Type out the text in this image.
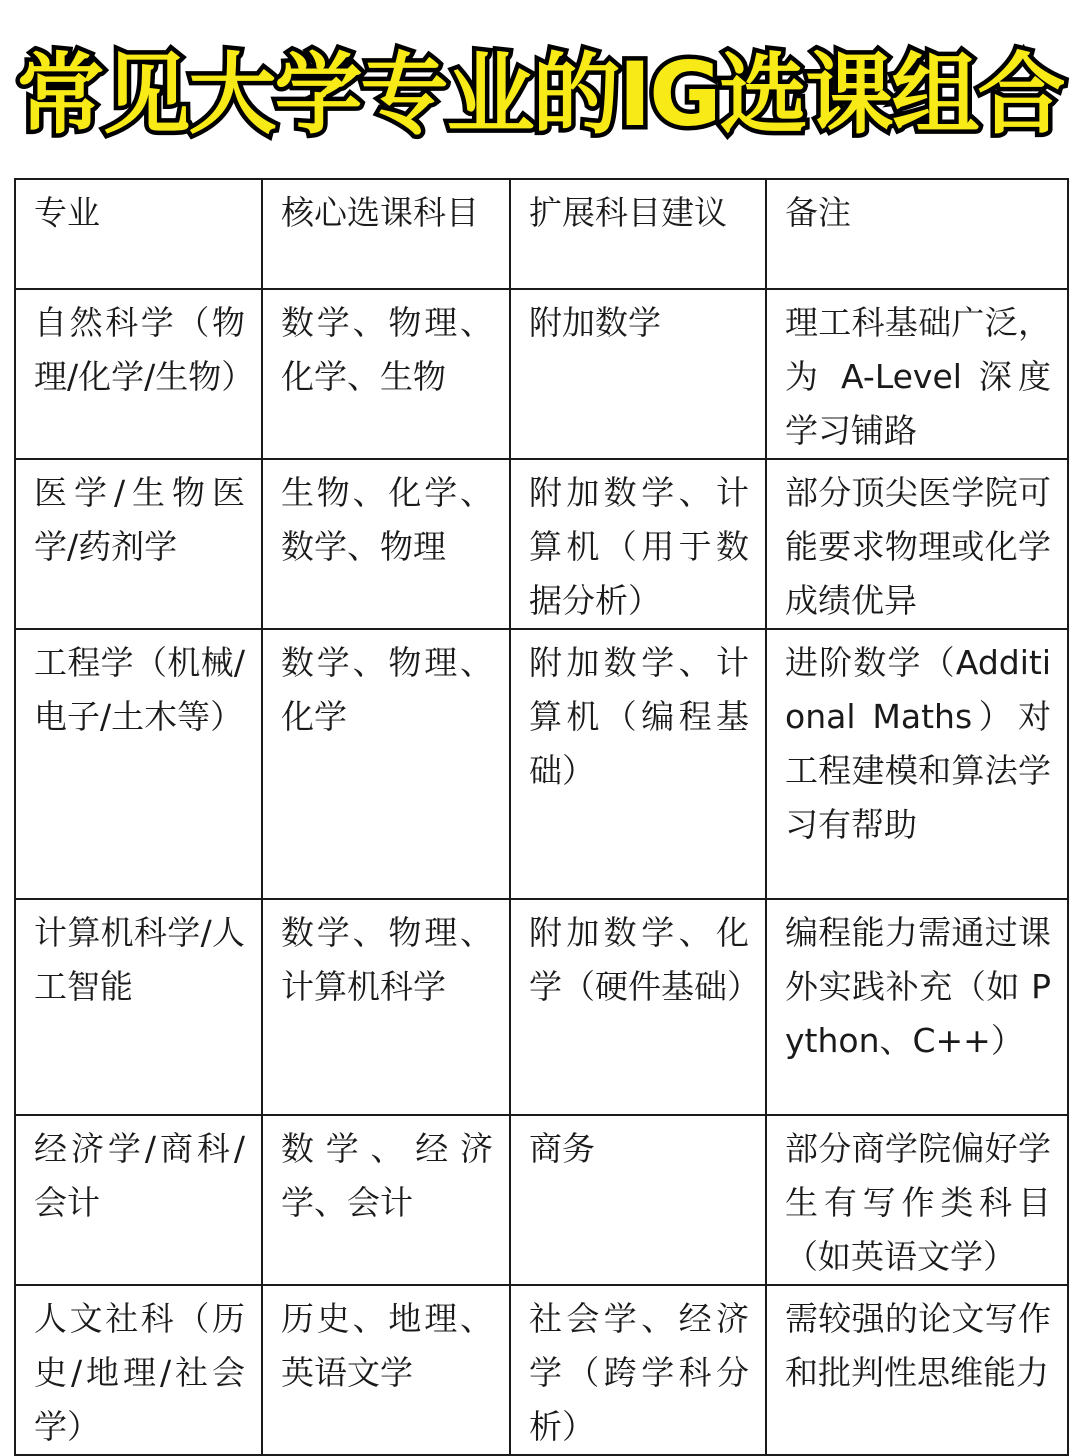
常见大学专业的IG选课组合
专业	核心选课科目	扩展科目建议	备注
自然科学（物理/化学/生物）	数学、物理、化学、生物	附加数学	理工科基础广泛，为 A-Level 深度学习铺路
医学/生物医学/药剂学	生物、化学、数学、物理	附加数学、计算机（用于数据分析）	部分顶尖医学院可能要求物理或化学成绩优异
工程学（机械/电子/土木等）	数学、物理、化学	附加数学、计算机（编程基础）	进阶数学（Additional Maths）对工程建模和算法学习有帮助
计算机科学/人工智能	数学、物理、计算机科学	附加数学、化学（硬件基础）	编程能力需通过课外实践补充（如 Python、C++）
经济学/商科/会计	数学、经济学、会计	商务	部分商学院偏好学生有写作类科目（如英语文学）
人文社科（历史/地理/社会学）	历史、地理、英语文学	社会学、经济学（跨学科分析）	需较强的论文写作和批判性思维能力
